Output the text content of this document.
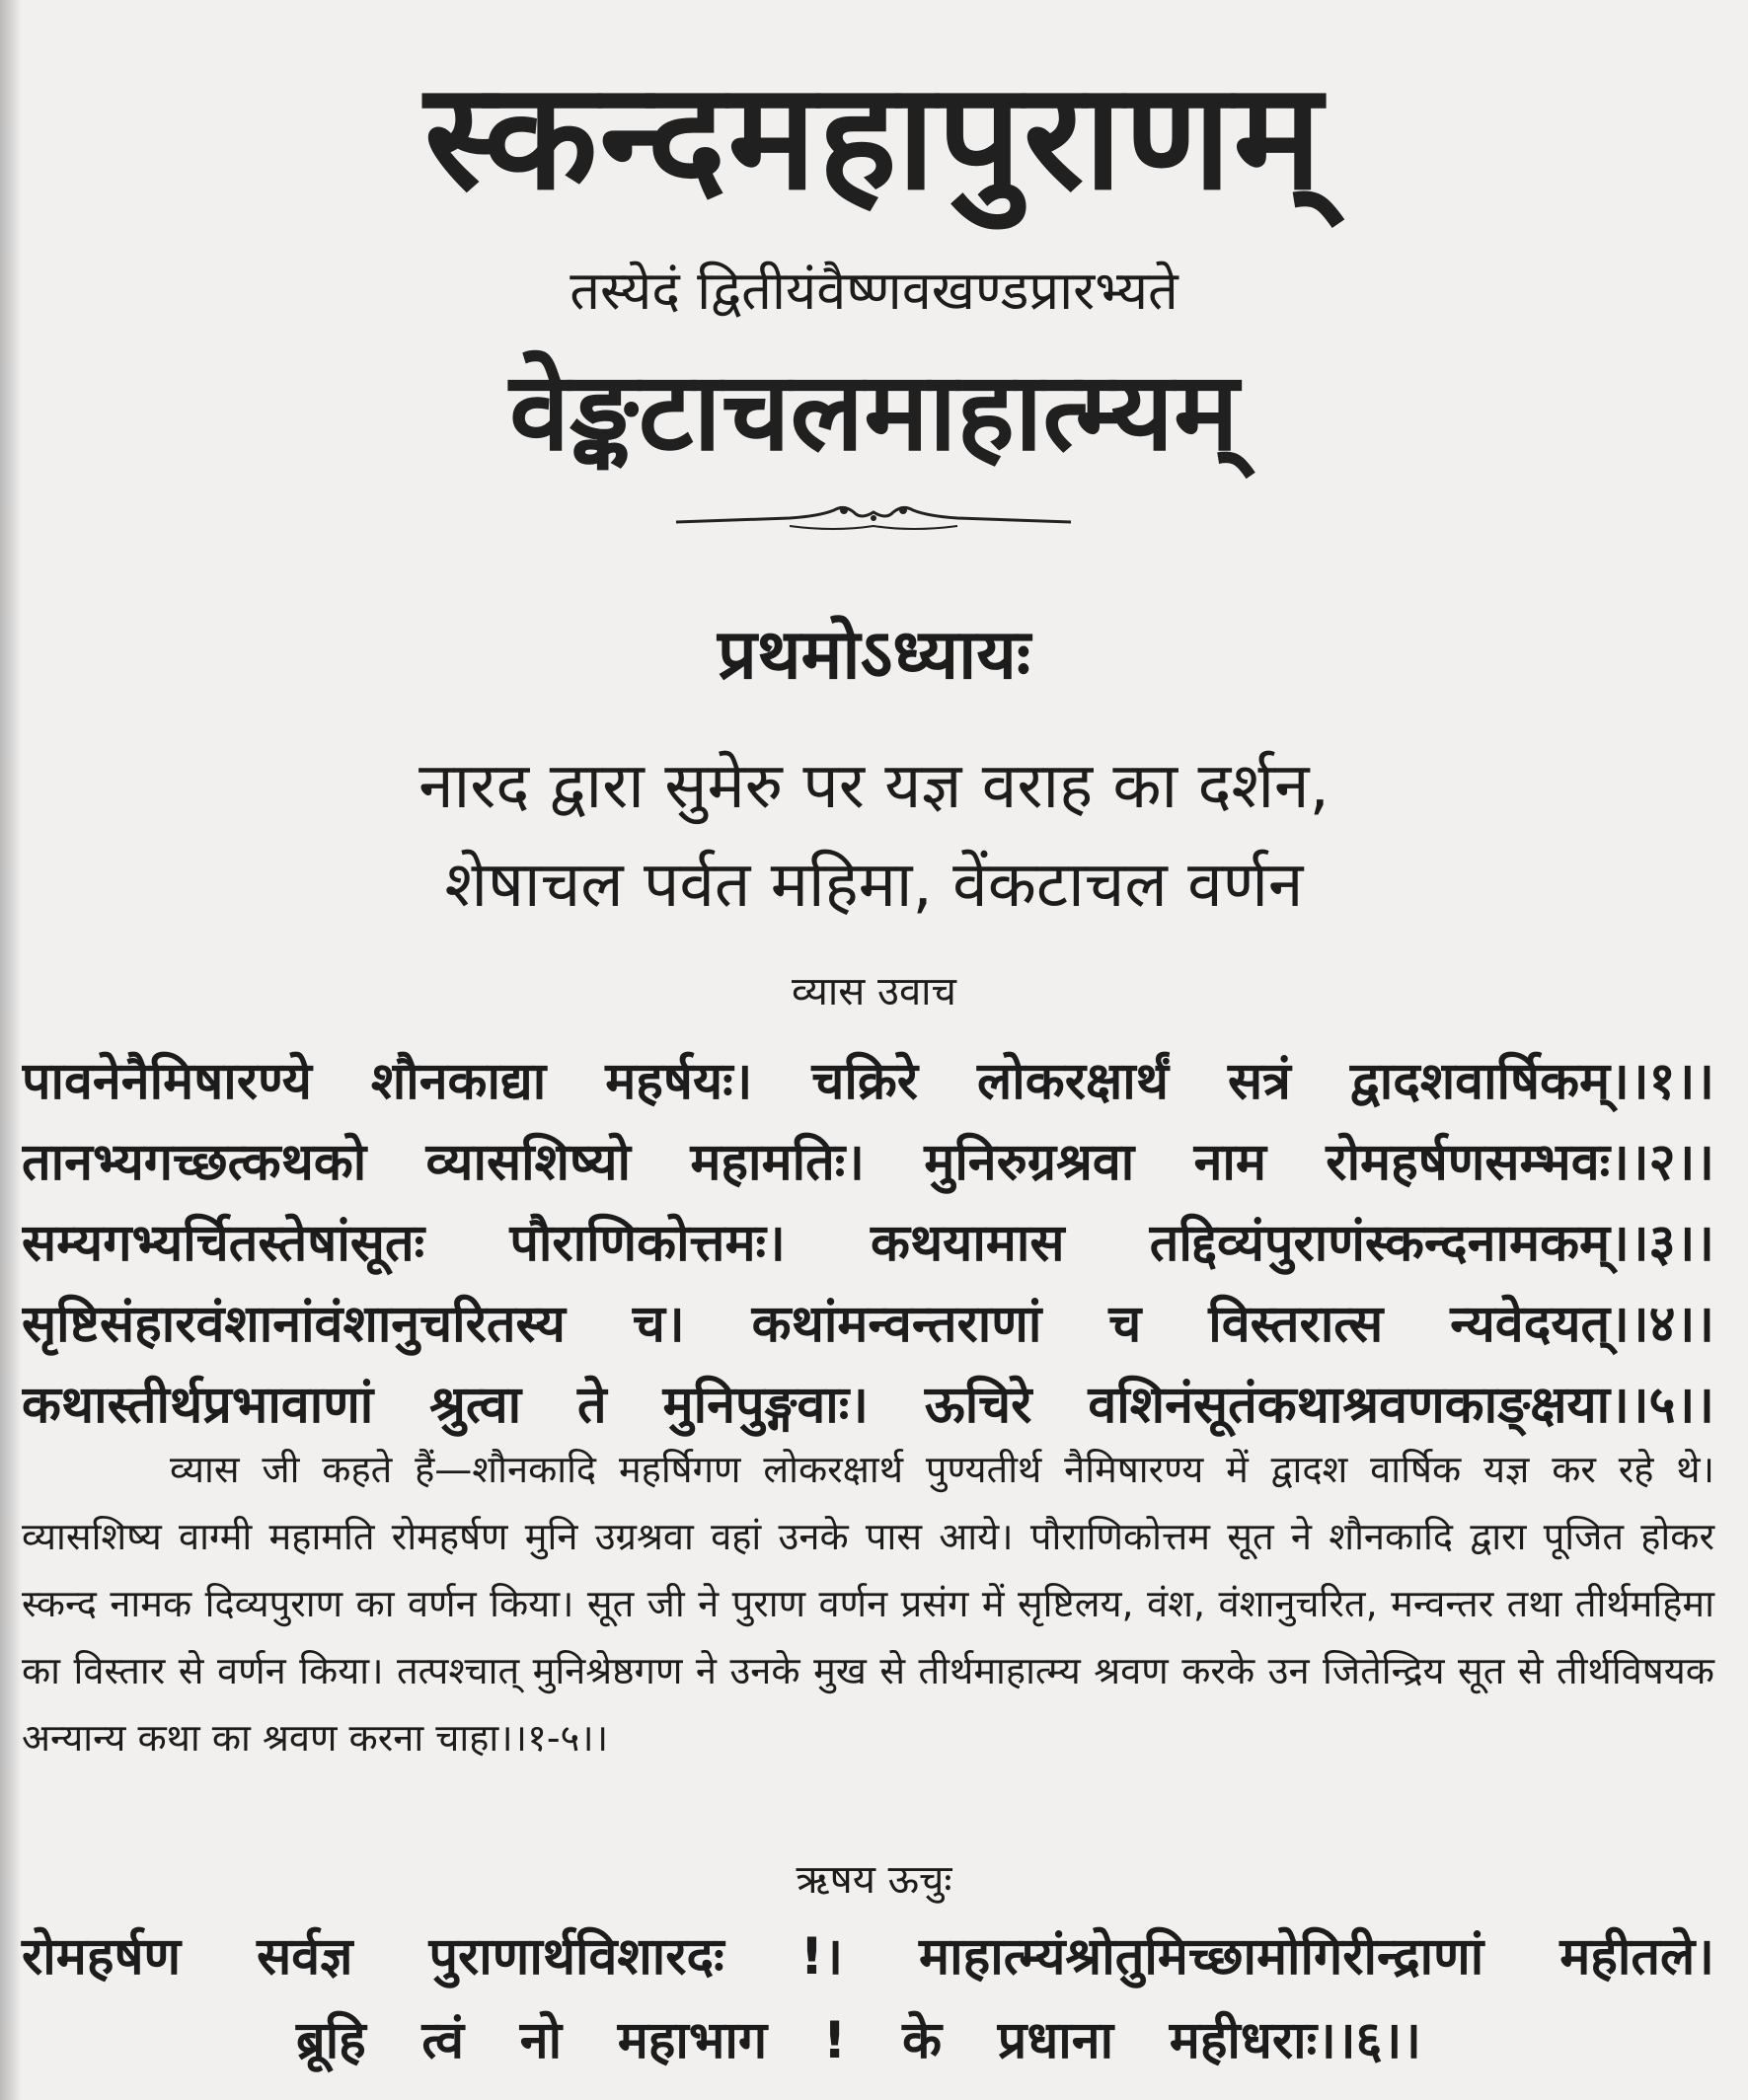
स्कन्दमहापुराणम्
तस्येदं द्वितीयंवैष्णवखण्डप्रारभ्यते
वेङ्कटाचलमाहात्म्यम्
प्रथमोऽध्यायः
नारद द्वारा सुमेरु पर यज्ञ वराह का दर्शन,
शेषाचल पर्वत महिमा, वेंकटाचल वर्णन
व्यास उवाच
पावनेनैमिषारण्ये शौनकाद्या महर्षयः। चक्रिरे लोकरक्षार्थं सत्रं द्वादशवार्षिकम्।।१।।
तानभ्यगच्छत्कथको व्यासशिष्यो महामतिः। मुनिरुग्रश्रवा नाम रोमहर्षणसम्भवः।।२।।
सम्यगभ्यर्चितस्तेषांसूतः पौराणिकोत्तमः। कथयामास तद्दिव्यंपुराणंस्कन्दनामकम्।।३।।
सृष्टिसंहारवंशानांवंशानुचरितस्य च। कथांमन्वन्तराणां च विस्तरात्स न्यवेदयत्।।४।।
कथास्तीर्थप्रभावाणां श्रुत्वा ते मुनिपुङ्गवाः। ऊचिरे वशिनंसूतंकथाश्रवणकाङ्क्षया।।५।।
व्यास जी कहते हैं—शौनकादि महर्षिगण लोकरक्षार्थ पुण्यतीर्थ नैमिषारण्य में द्वादश वार्षिक यज्ञ कर रहे थे। व्यासशिष्य वाग्मी महामति रोमहर्षण मुनि उग्रश्रवा वहां उनके पास आये। पौराणिकोत्तम सूत ने शौनकादि द्वारा पूजित होकर स्कन्द नामक दिव्यपुराण का वर्णन किया। सूत जी ने पुराण वर्णन प्रसंग में सृष्टिलय, वंश, वंशानुचरित, मन्वन्तर तथा तीर्थमहिमा का विस्तार से वर्णन किया। तत्पश्चात् मुनिश्रेष्ठगण ने उनके मुख से तीर्थमाहात्म्य श्रवण करके उन जितेन्द्रिय सूत से तीर्थविषयक अन्यान्य कथा का श्रवण करना चाहा।।१-५।।
ऋषय ऊचुः
रोमहर्षण सर्वज्ञ पुराणार्थविशारदः !। माहात्म्यंश्रोतुमिच्छामोगिरीन्द्राणां महीतले।
ब्रूहि त्वं नो महाभाग ! के प्रधाना महीधराः।।६।।
